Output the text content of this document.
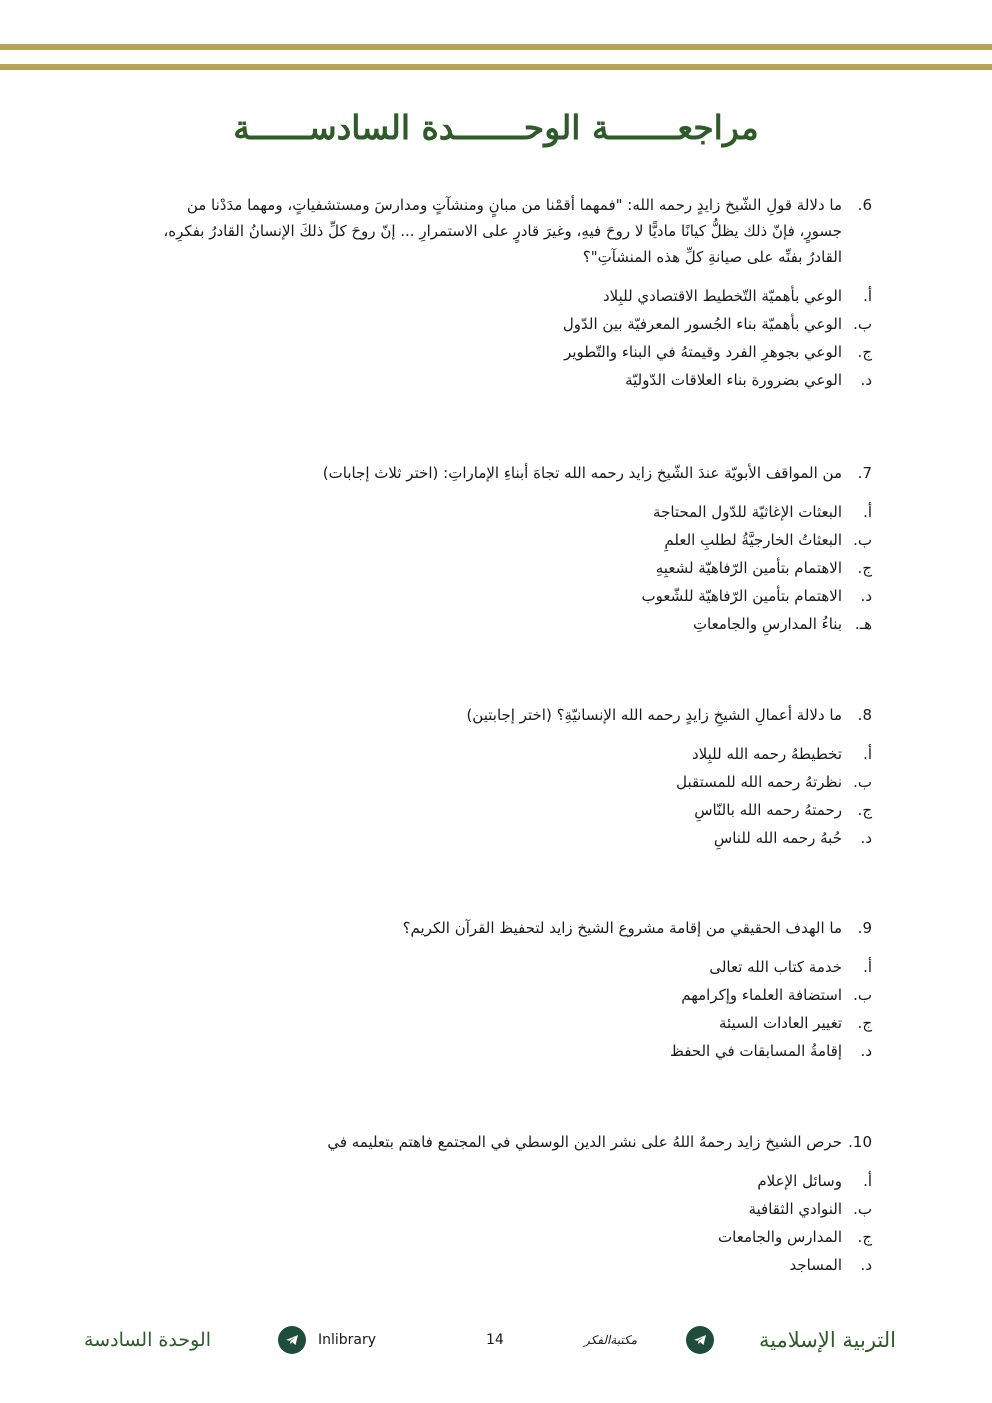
مراجعـــــــة الوحـــــــدة السادســــــة
6.
ما دلالة قولِ الشّيخ زايدٍ رحمه الله: "فمهما أقمْنا من مبانٍ ومنشآتٍ ومدارسَ ومستشفياتٍ، ومهما مدَدْنا من جسورٍ، فإنّ ذلك يظلُّ كيانًا ماديًّا لا روحَ فيهِ، وغيرَ قادرٍ على الاستمرارِ ... إنّ روحَ كلِّ ذلكَ الإنسانُ القادرُ بفكرِه، القادرُ بفنِّه على صيانةِ كلِّ هذه المنشآتِ"؟
أ.
الوعي بأهميّة التّخطيط الاقتصادي للبِلاد
ب.
الوعي بأهميّة بناء الجُسور المعرفيّة بين الدّول
ج.
الوعي بجوهرِ الفرد وقيمتهُ في البناء والتّطوير
د.
الوعي بضرورة بناء العلاقات الدّوليّة
7.
من المواقف الأبويّة عندَ الشّيخ زايد رحمه الله تجاهَ أبناءِ الإماراتِ: (اختر ثلاث إجابات)
أ.
البعثات الإغاثيّة للدّول المحتاجة
ب.
البعثاتُ الخارجيَّةُ لطلبِ العلمِ
ج.
الاهتمام بتأمين الرّفاهيّة لشعبِهِ
د.
الاهتمام بتأمين الرّفاهيّة للشّعوب
هـ.
بناءُ المدارسِ والجامعاتِ
8.
ما دلالة أعمالِ الشيخِ زايدٍ رحمه الله الإنسانيّةِ؟ (اختر إجابتين)
أ.
تخطيطهُ رحمه الله للبِلاد
ب.
نظرتهُ رحمه الله للمستقبل
ج.
رحمتهُ رحمه الله بالنّاسِ
د.
حُبهُ رحمه الله للناسِ
9.
ما الهدف الحقيقي من إقامة مشروع الشيخ زايد لتحفيظ القرآن الكريم؟
أ.
خدمة كتاب الله تعالى
ب.
استضافة العلماء وإكرامهم
ج.
تغيير العادات السيئة
د.
إقامةُ المسابقات في الحفظ
10.
حرص الشيخ زايد رحمهُ اللهُ على نشر الدين الوسطي في المجتمع فاهتم بتعليمه في
أ.
وسائل الإعلام
ب.
النوادي الثقافية
ج.
المدارس والجامعات
د.
المساجد
التربية الإسلامية
مكتبةالفكر
14
Inlibrary
الوحدة السادسة
